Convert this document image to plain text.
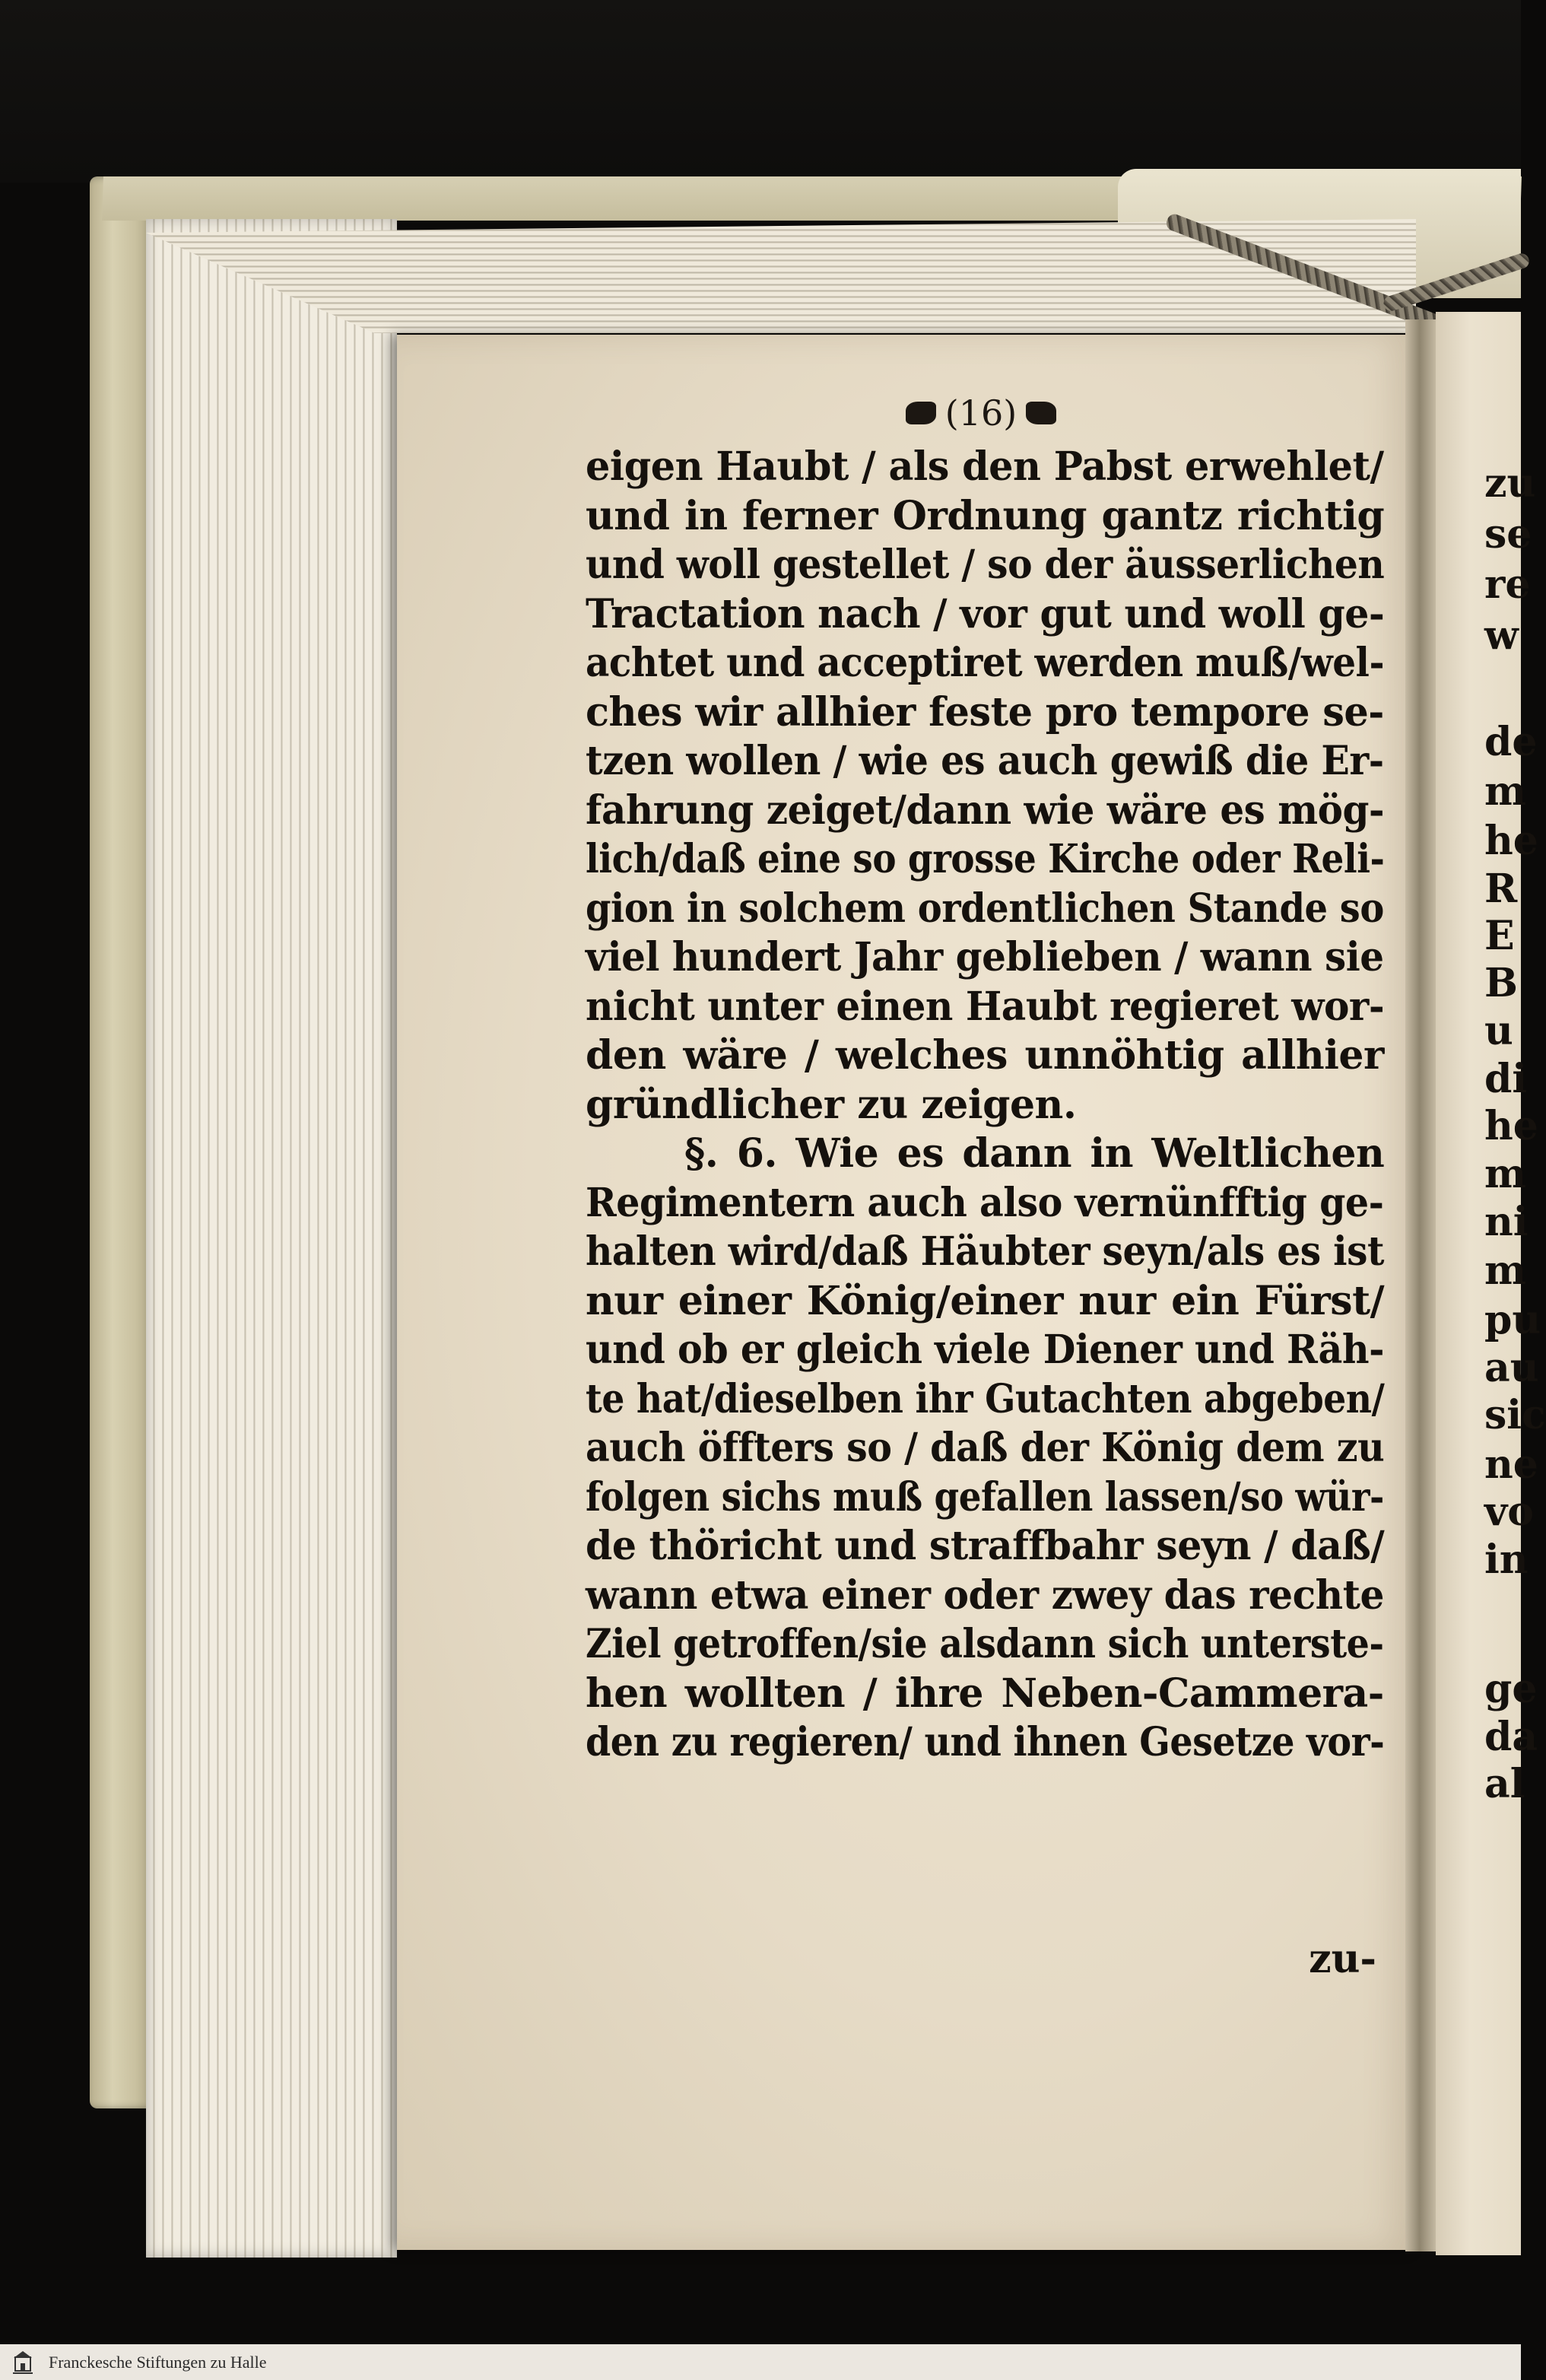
(16)
eigen Haubt / als den Pabst erwehlet/
und in ferner Ordnung gantz richtig
und woll gestellet / so der äusserlichen
Tractation nach / vor gut und woll ge-
achtet und acceptiret werden muß/wel-
ches wir allhier feste pro tempore se-
tzen wollen / wie es auch gewiß die Er-
fahrung zeiget/dann wie wäre es mög-
lich/daß eine so grosse Kirche oder Reli-
gion in solchem ordentlichen Stande so
viel hundert Jahr geblieben / wann sie
nicht unter einen Haubt regieret wor-
den wäre / welches unnöhtig allhier
gründlicher zu zeigen.
§. 6. Wie es dann in Weltlichen
Regimentern auch also vernünfftig ge-
halten wird/daß Häubter seyn/als es ist
nur einer König/einer nur ein Fürst/
und ob er gleich viele Diener und Räh-
te hat/dieselben ihr Gutachten abgeben/
auch öffters so / daß der König dem zu
folgen sichs muß gefallen lassen/so wür-
de thöricht und straffbahr seyn / daß/
wann etwa einer oder zwey das rechte
Ziel getroffen/sie alsdann sich unterste-
hen wollten / ihre Neben-Cammera-
den zu regieren/ und ihnen Gesetze vor-
zu-
zu
se
re
w
de
m
he
R
E
B
u
di
he
m
ni
m
pu
au
sic
ne
vo
in
ge
da
al
Franckesche Stiftungen zu Halle
